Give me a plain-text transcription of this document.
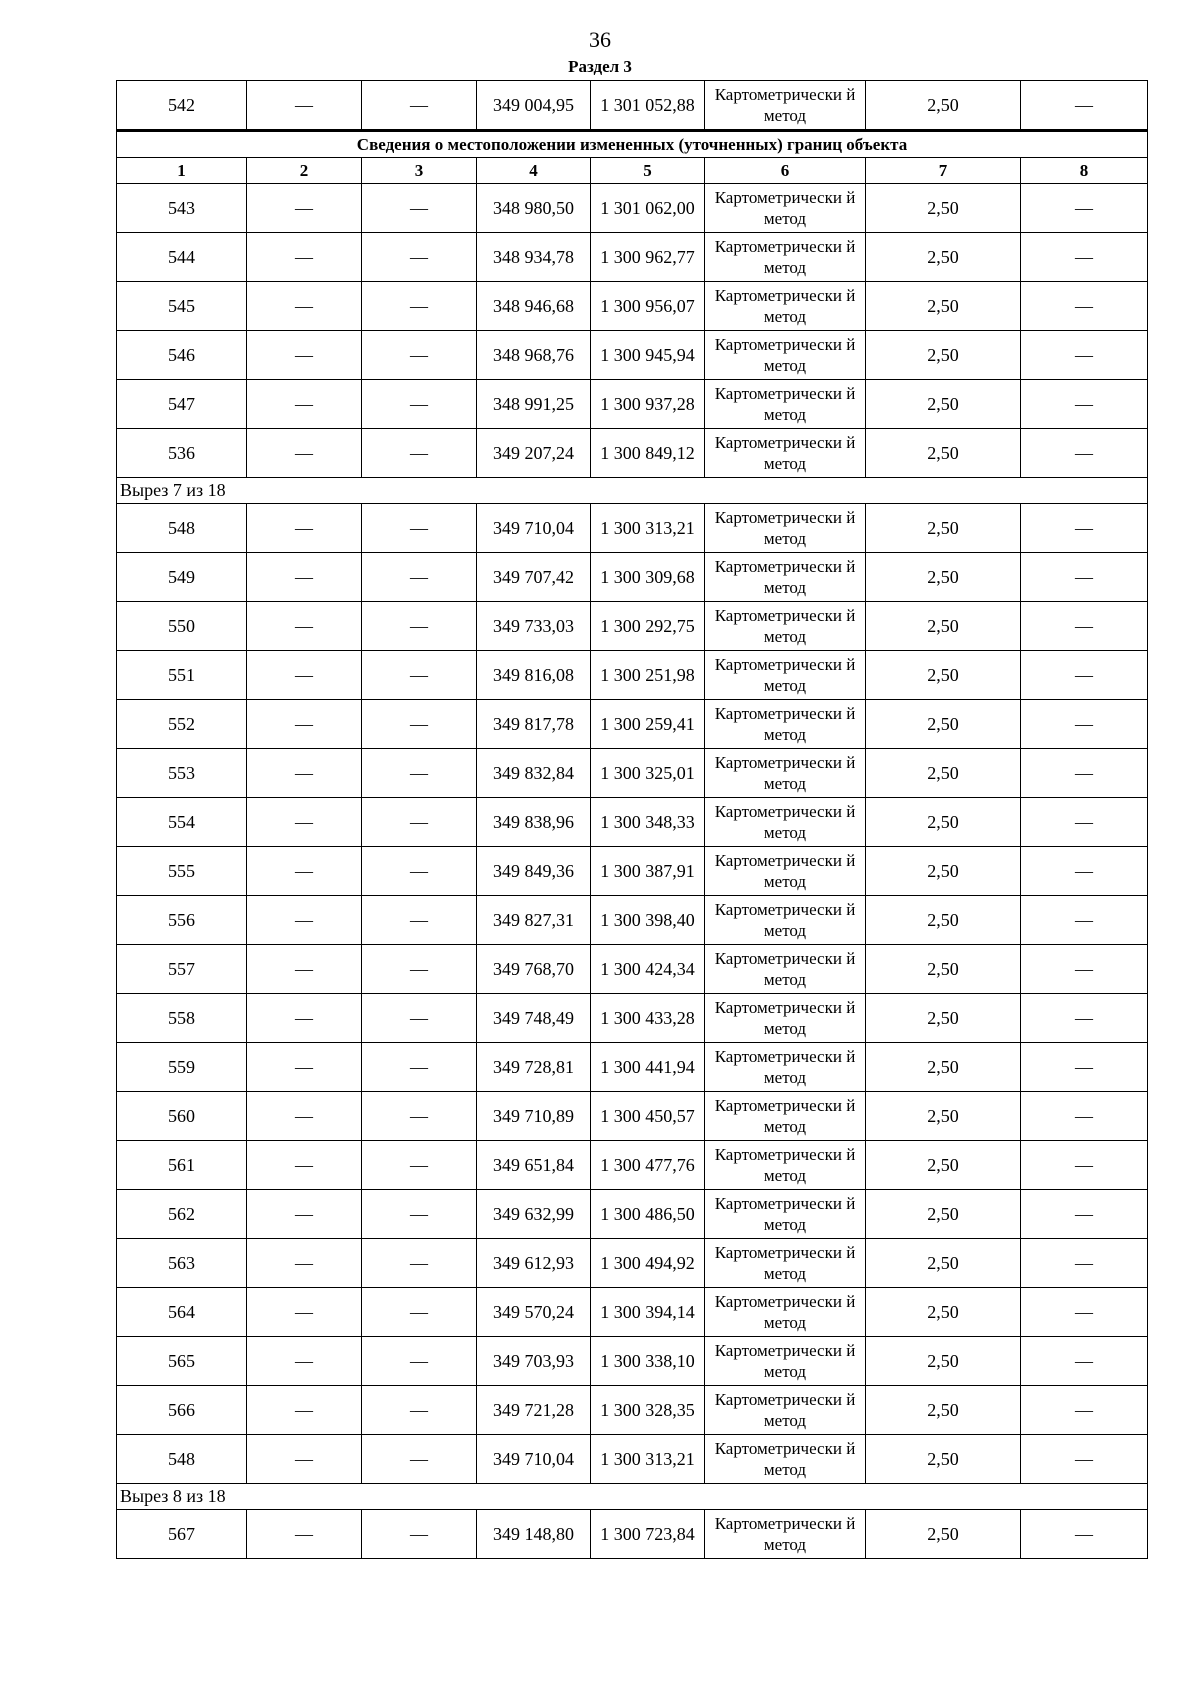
36
Раздел 3
542	—	—	349 004,95	1 301 052,88	Картометрически й метод	2,50	—
Сведения о местоположении измененных (уточненных) границ объекта							
1	2	3	4	5	6	7	8
543	—	—	348 980,50	1 301 062,00	Картометрически й метод	2,50	—
544	—	—	348 934,78	1 300 962,77	Картометрически й метод	2,50	—
545	—	—	348 946,68	1 300 956,07	Картометрически й метод	2,50	—
546	—	—	348 968,76	1 300 945,94	Картометрически й метод	2,50	—
547	—	—	348 991,25	1 300 937,28	Картометрически й метод	2,50	—
536	—	—	349 207,24	1 300 849,12	Картометрически й метод	2,50	—
Вырез 7 из 18							
548	—	—	349 710,04	1 300 313,21	Картометрически й метод	2,50	—
549	—	—	349 707,42	1 300 309,68	Картометрически й метод	2,50	—
550	—	—	349 733,03	1 300 292,75	Картометрически й метод	2,50	—
551	—	—	349 816,08	1 300 251,98	Картометрически й метод	2,50	—
552	—	—	349 817,78	1 300 259,41	Картометрически й метод	2,50	—
553	—	—	349 832,84	1 300 325,01	Картометрически й метод	2,50	—
554	—	—	349 838,96	1 300 348,33	Картометрически й метод	2,50	—
555	—	—	349 849,36	1 300 387,91	Картометрически й метод	2,50	—
556	—	—	349 827,31	1 300 398,40	Картометрически й метод	2,50	—
557	—	—	349 768,70	1 300 424,34	Картометрически й метод	2,50	—
558	—	—	349 748,49	1 300 433,28	Картометрически й метод	2,50	—
559	—	—	349 728,81	1 300 441,94	Картометрически й метод	2,50	—
560	—	—	349 710,89	1 300 450,57	Картометрически й метод	2,50	—
561	—	—	349 651,84	1 300 477,76	Картометрически й метод	2,50	—
562	—	—	349 632,99	1 300 486,50	Картометрически й метод	2,50	—
563	—	—	349 612,93	1 300 494,92	Картометрически й метод	2,50	—
564	—	—	349 570,24	1 300 394,14	Картометрически й метод	2,50	—
565	—	—	349 703,93	1 300 338,10	Картометрически й метод	2,50	—
566	—	—	349 721,28	1 300 328,35	Картометрически й метод	2,50	—
548	—	—	349 710,04	1 300 313,21	Картометрически й метод	2,50	—
Вырез 8 из 18							
567	—	—	349 148,80	1 300 723,84	Картометрически й метод	2,50	—
